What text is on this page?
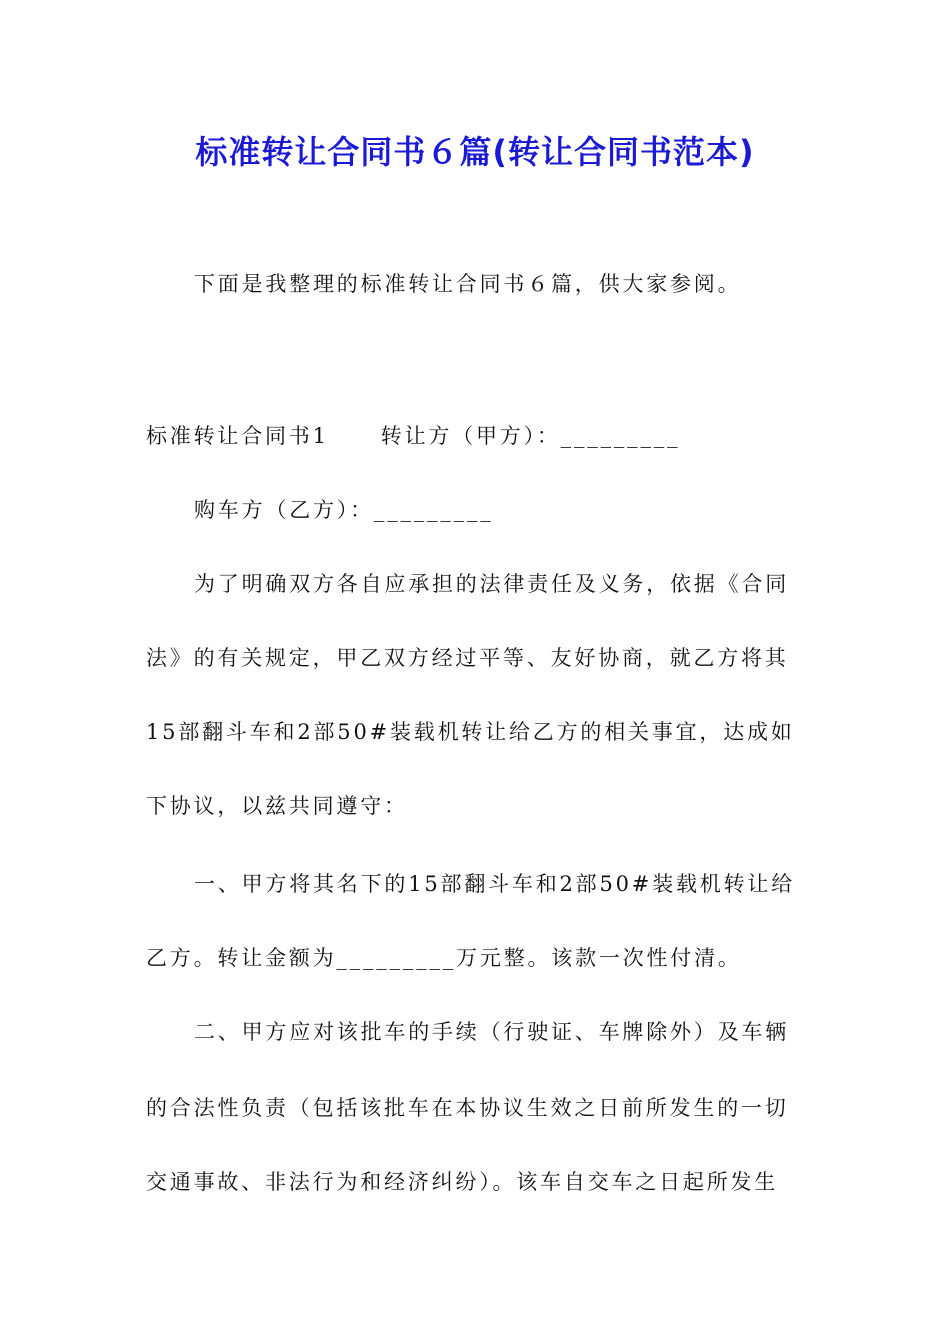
标准转让合同书６篇(转让合同书范本)

下面是我整理的标准转让合同书６篇，供大家参阅。

标准转让合同书1 转让方（甲方）：_________

购车方（乙方）：_________

为了明确双方各自应承担的法律责任及义务，依据《合同

法》的有关规定，甲乙双方经过平等、友好协商，就乙方将其

15部翻斗车和2部50#装载机转让给乙方的相关事宜，达成如

下协议，以兹共同遵守：

一、甲方将其名下的15部翻斗车和2部50#装载机转让给

乙方。转让金额为_________万元整。该款一次性付清。

二、甲方应对该批车的手续（行驶证、车牌除外）及车辆

的合法性负责（包括该批车在本协议生效之日前所发生的一切

交通事故、非法行为和经济纠纷）。该车自交车之日起所发生
